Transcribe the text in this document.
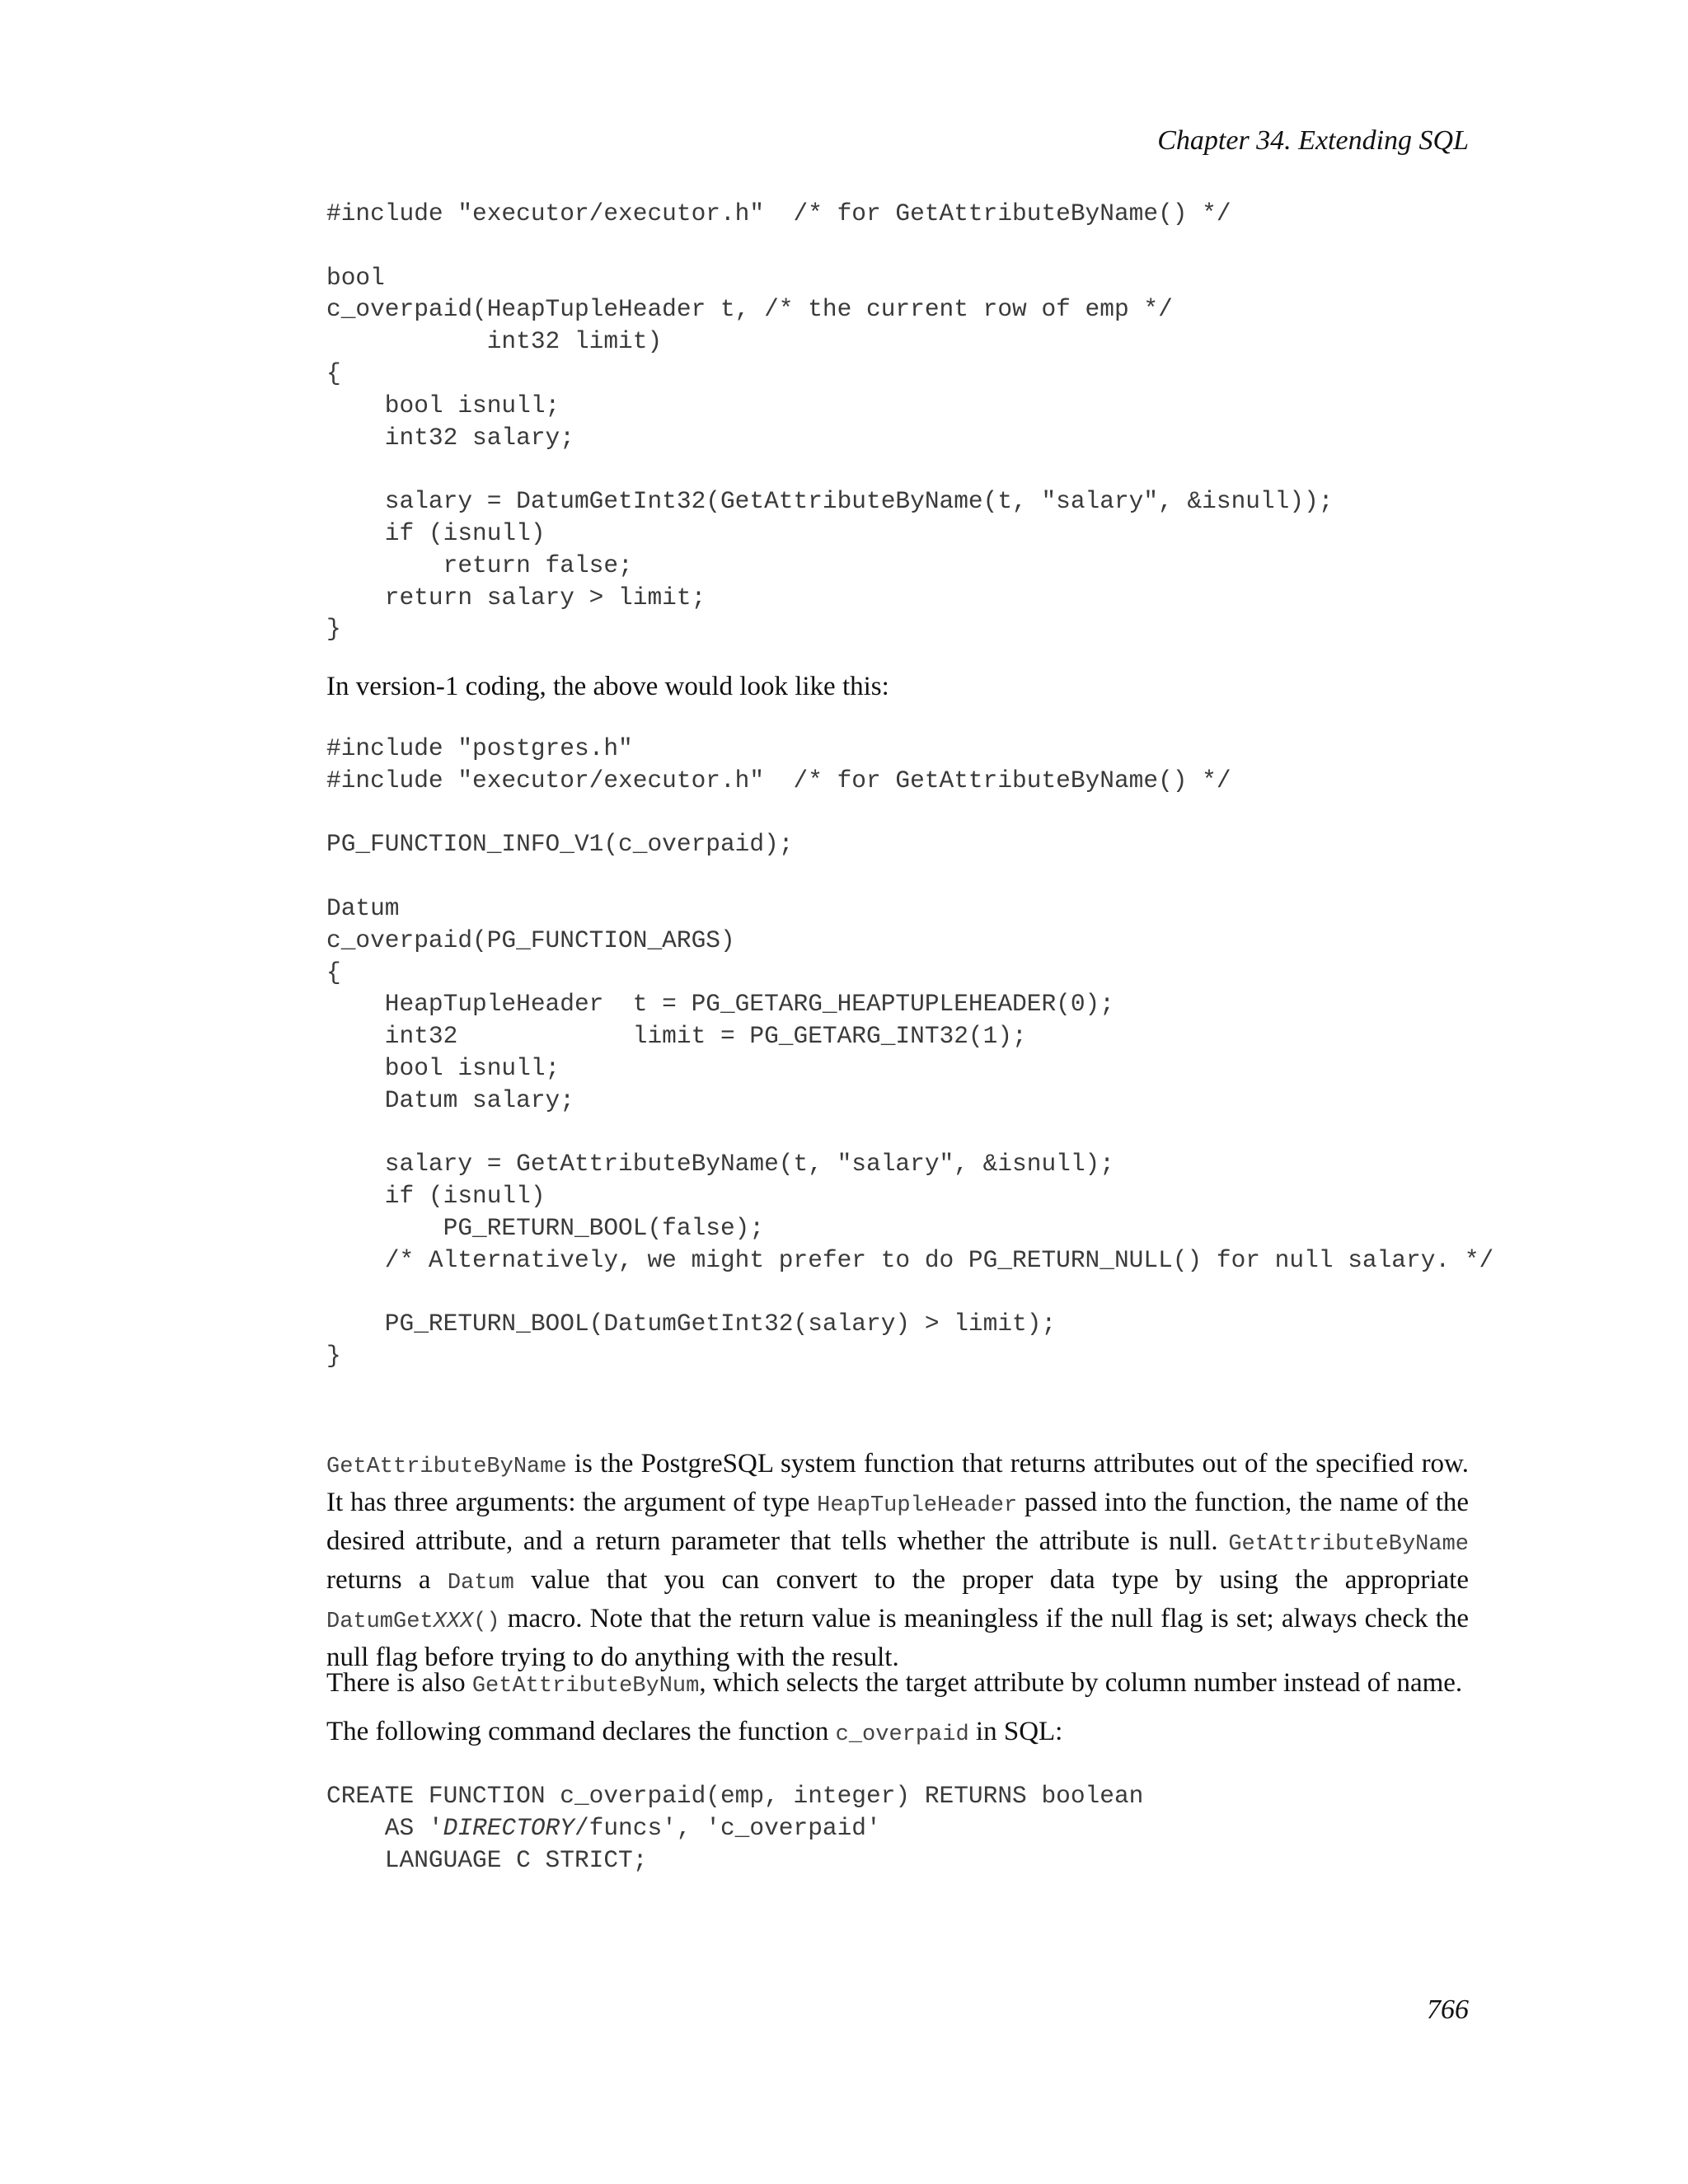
Chapter 34. Extending SQL
#include "executor/executor.h"  /* for GetAttributeByName() */

bool
c_overpaid(HeapTupleHeader t, /* the current row of emp */
int32 limit)
{
bool isnull;
int32 salary;

salary = DatumGetInt32(GetAttributeByName(t, "salary", &isnull));
if (isnull)
return false;
return salary > limit;
}

In version-1 coding, the above would look like this:

#include "postgres.h"
#include "executor/executor.h"  /* for GetAttributeByName() */

PG_FUNCTION_INFO_V1(c_overpaid);

Datum
c_overpaid(PG_FUNCTION_ARGS)
{
HeapTupleHeader  t = PG_GETARG_HEAPTUPLEHEADER(0);
int32            limit = PG_GETARG_INT32(1);
bool isnull;
Datum salary;

salary = GetAttributeByName(t, "salary", &isnull);
if (isnull)
PG_RETURN_BOOL(false);
/* Alternatively, we might prefer to do PG_RETURN_NULL() for null salary. */

PG_RETURN_BOOL(DatumGetInt32(salary) > limit);
}

GetAttributeByName is the PostgreSQL system function that returns attributes out of the specified row. It has three arguments: the argument of type HeapTupleHeader passed into the function, the name of the desired attribute, and a return parameter that tells whether the attribute is null. GetAttributeByName returns a Datum value that you can convert to the proper data type by using the appropriate DatumGetXXX() macro. Note that the return value is meaningless if the null flag is set; always check the null flag before trying to do anything with the result.

There is also GetAttributeByNum, which selects the target attribute by column number instead of name.

The following command declares the function c_overpaid in SQL:

CREATE FUNCTION c_overpaid(emp, integer) RETURNS boolean
AS 'DIRECTORY/funcs', 'c_overpaid'
LANGUAGE C STRICT;
766
